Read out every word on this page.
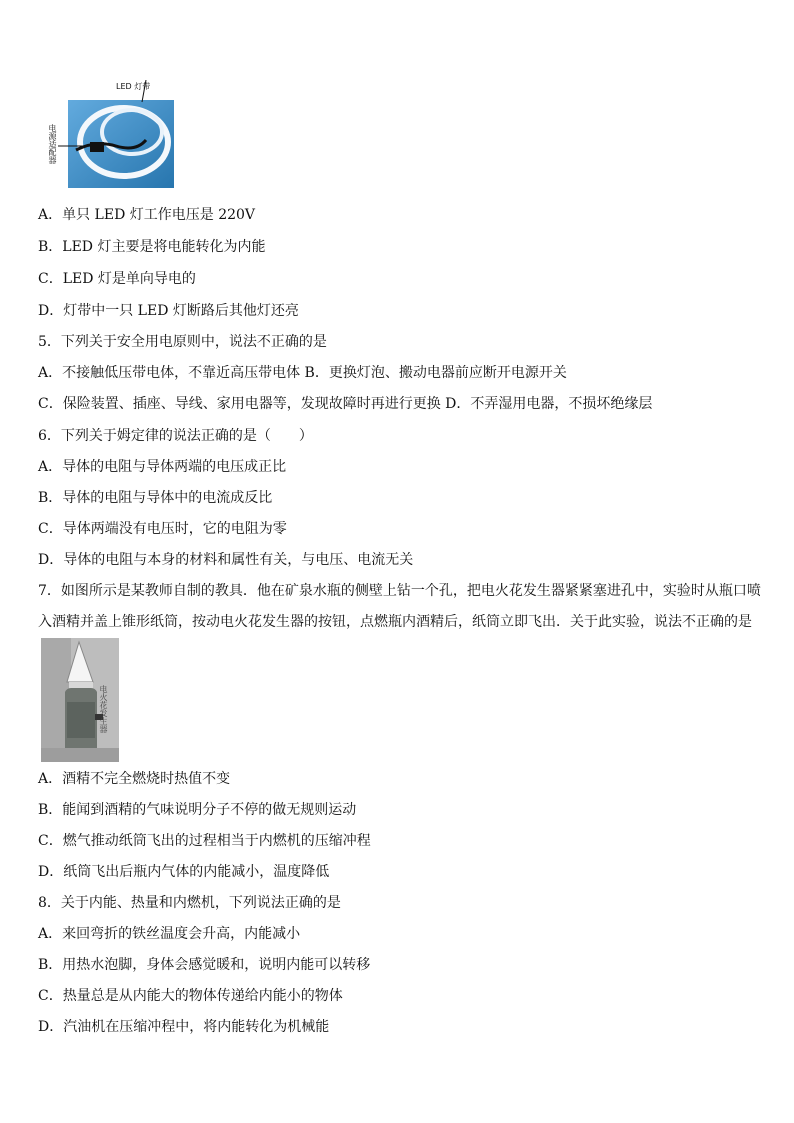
LED 灯带
电源适配器
A．单只 LED 灯工作电压是 220V
B．LED 灯主要是将电能转化为内能
C．LED 灯是单向导电的
D．灯带中一只 LED 灯断路后其他灯还亮
5．下列关于安全用电原则中，说法不正确的是
A．不接触低压带电体，不靠近高压带电体 B．更换灯泡、搬动电器前应断开电源开关
C．保险装置、插座、导线、家用电器等，发现故障时再进行更换 D．不弄湿用电器，不损坏绝缘层
6．下列关于姆定律的说法正确的是（　　）
A．导体的电阻与导体两端的电压成正比
B．导体的电阻与导体中的电流成反比
C．导体两端没有电压时，它的电阻为零
D．导体的电阻与本身的材料和属性有关，与电压、电流无关
7．如图所示是某教师自制的教具．他在矿泉水瓶的侧壁上钻一个孔，把电火花发生器紧紧塞进孔中，实验时从瓶口喷
入酒精并盖上锥形纸筒，按动电火花发生器的按钮，点燃瓶内酒精后，纸筒立即飞出．关于此实验，说法不正确的是
电火花发生器
A．酒精不完全燃烧时热值不变
B．能闻到酒精的气味说明分子不停的做无规则运动
C．燃气推动纸筒飞出的过程相当于内燃机的压缩冲程
D．纸筒飞出后瓶内气体的内能减小，温度降低
8．关于内能、热量和内燃机，下列说法正确的是
A．来回弯折的铁丝温度会升高，内能减小
B．用热水泡脚，身体会感觉暖和，说明内能可以转移
C．热量总是从内能大的物体传递给内能小的物体
D．汽油机在压缩冲程中，将内能转化为机械能
